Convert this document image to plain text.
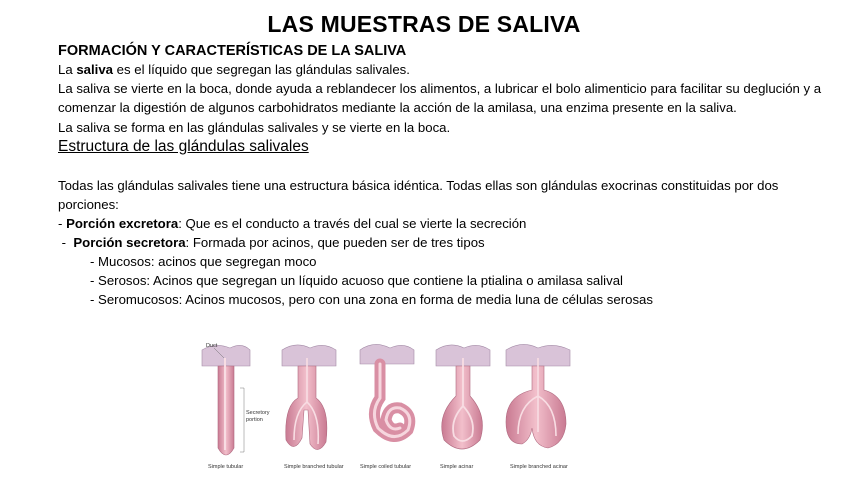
LAS MUESTRAS DE SALIVA
FORMACIÓN Y CARACTERÍSTICAS DE LA SALIVA
La saliva es el líquido que segregan las glándulas salivales.
La saliva se vierte en la boca, donde ayuda a reblandecer los alimentos, a lubricar el bolo alimenticio para facilitar su deglución y a comenzar la digestión de algunos carbohidratos mediante la acción de la amilasa, una enzima presente en la saliva.
La saliva se forma en las glándulas salivales y se vierte en la boca.
Estructura de las glándulas salivales
Todas las glándulas salivales tiene una estructura básica idéntica. Todas ellas son glándulas exocrinas constituidas por dos porciones:
- Porción excretora: Que es el conducto a través del cual se vierte la secreción
-  Porción secretora: Formada por acinos, que pueden ser de tres tipos
- Mucosos: acinos que segregan moco
- Serosos: Acinos que segregan un líquido acuoso que contiene la ptialina o amilasa salival
- Seromucosos: Acinos mucosos, pero con una zona en forma de media luna de células serosas
Duct
Secretory
portion
Simple tubular	Simple branched tubular	Simple coiled tubular	Simple acinar	Simple branched acinar
